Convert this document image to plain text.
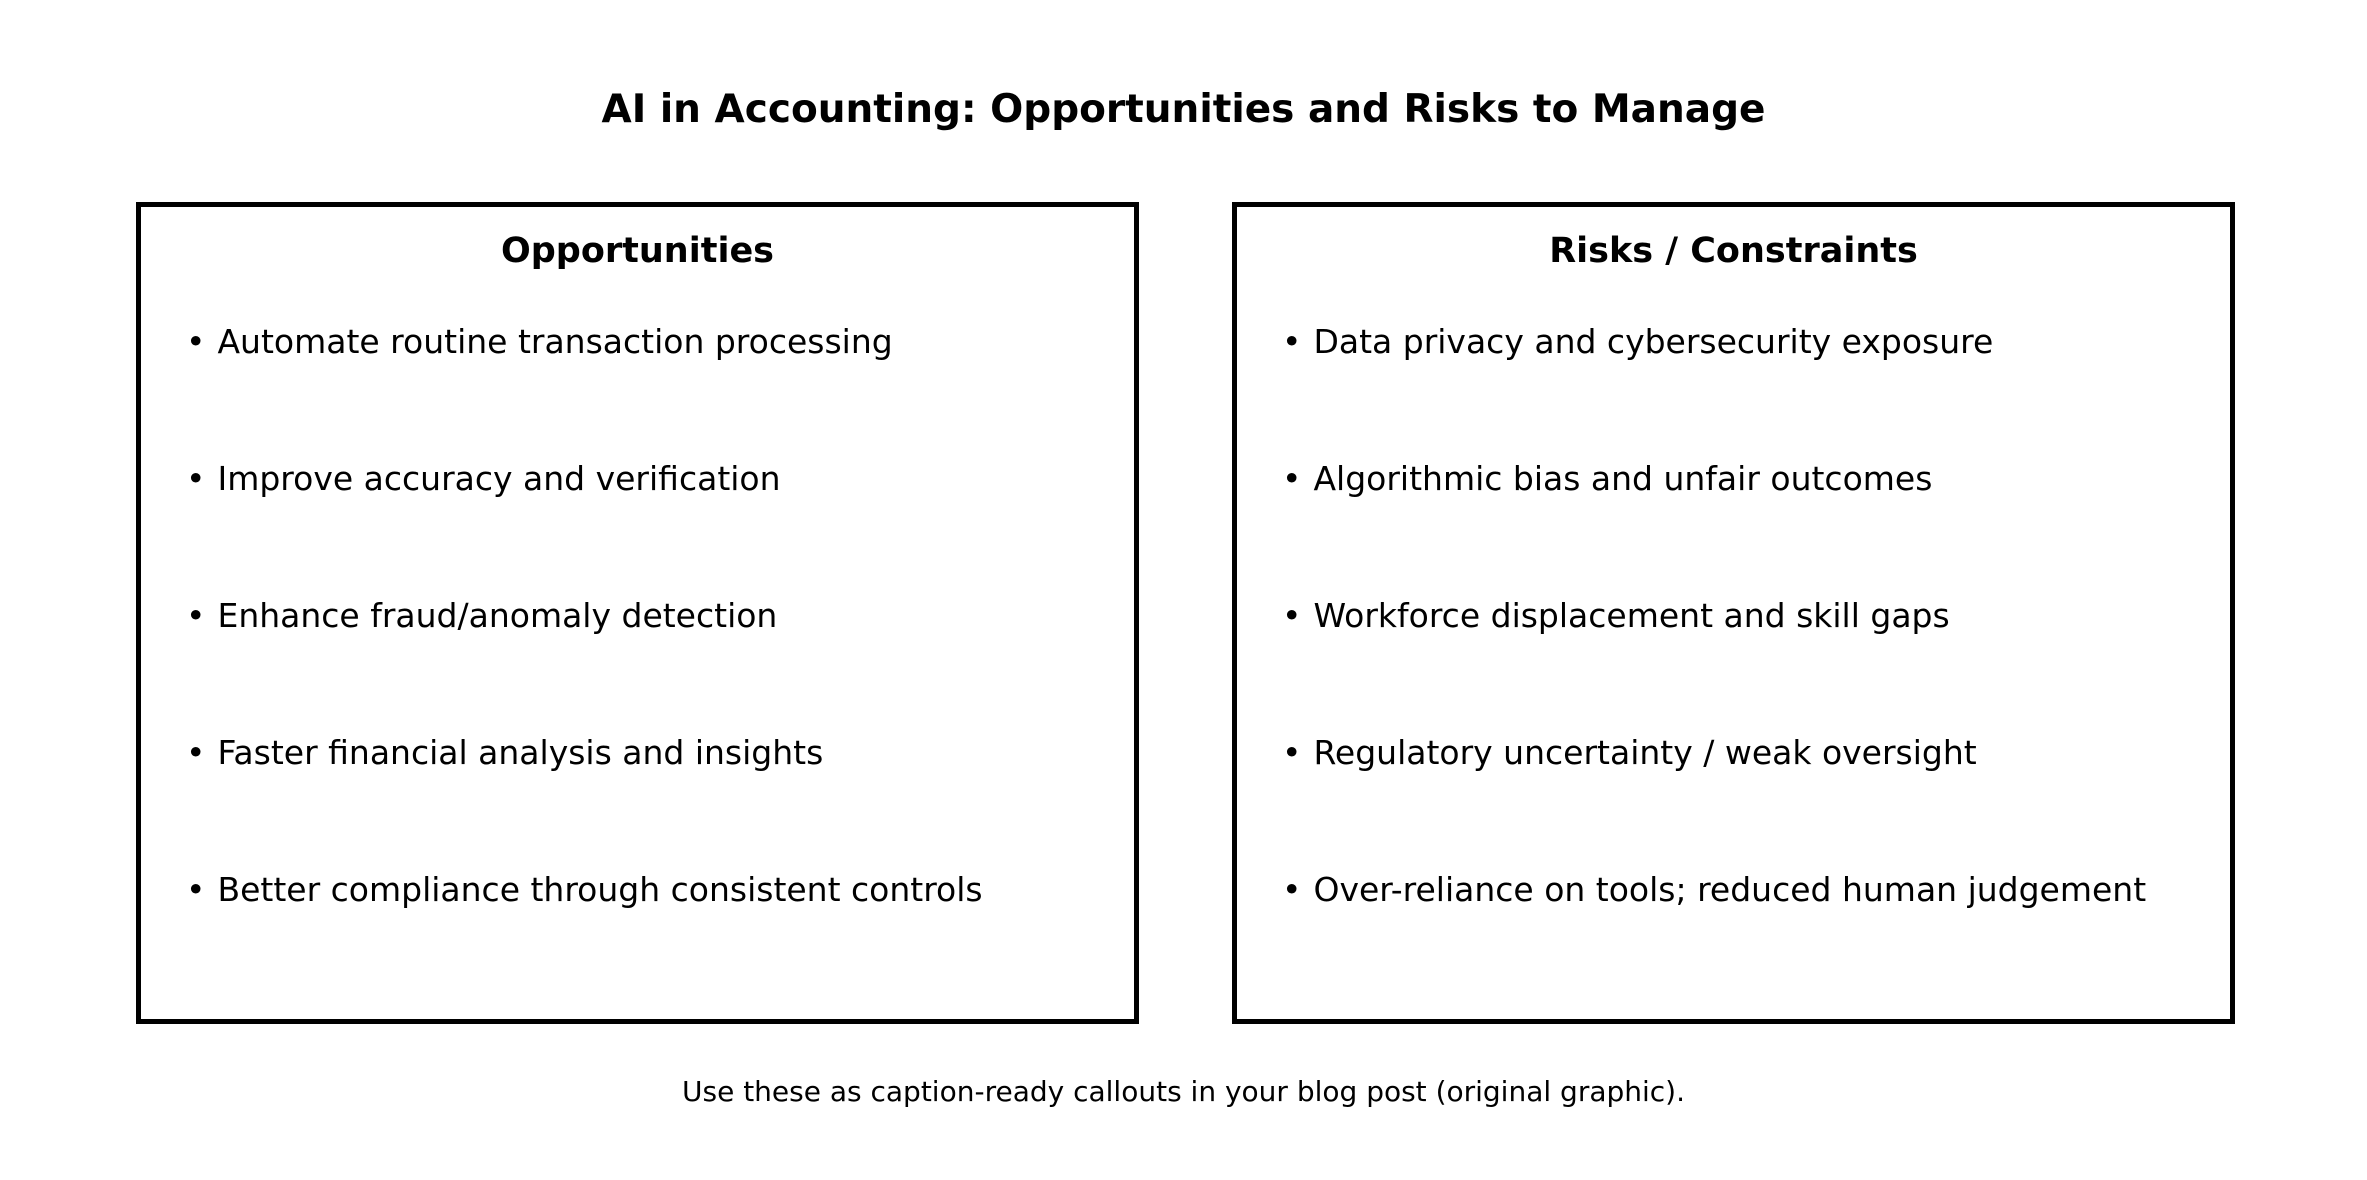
AI in Accounting: Opportunities and Risks to Manage
Opportunities
• Automate routine transaction processing
• Improve accuracy and verification
• Enhance fraud/anomaly detection
• Faster financial analysis and insights
• Better compliance through consistent controls
Risks / Constraints
• Data privacy and cybersecurity exposure
• Algorithmic bias and unfair outcomes
• Workforce displacement and skill gaps
• Regulatory uncertainty / weak oversight
• Over-reliance on tools; reduced human judgement
Use these as caption-ready callouts in your blog post (original graphic).
